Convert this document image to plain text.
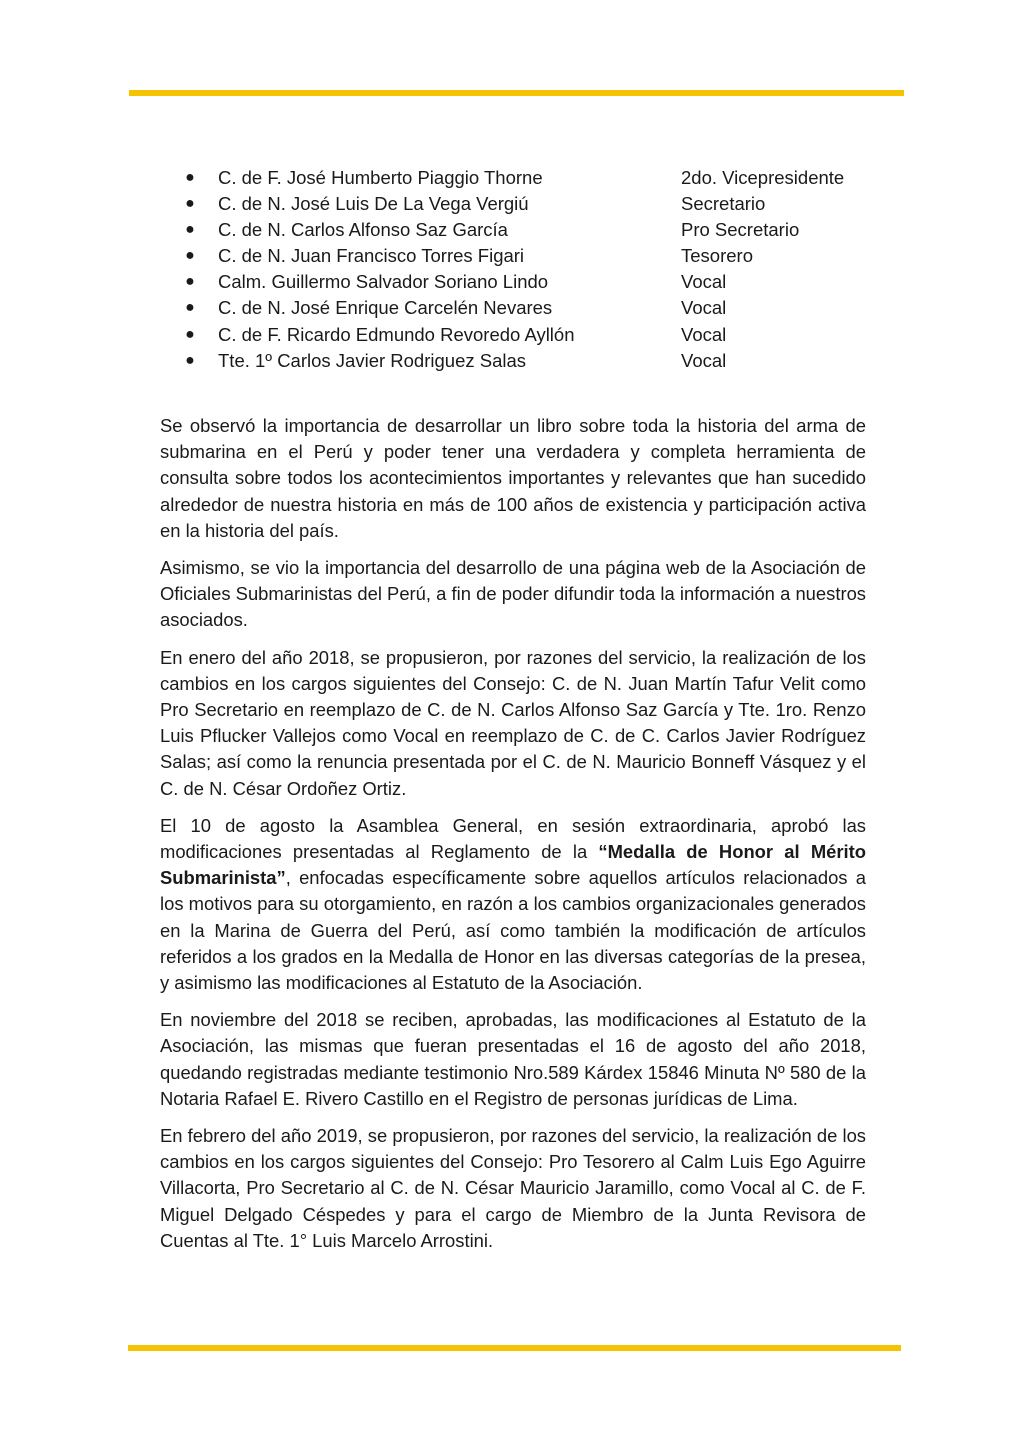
● C. de F. José Humberto Piaggio Thorne	2do. Vicepresidente
● C. de N. José Luis De La Vega Vergiú	Secretario
● C. de N. Carlos Alfonso Saz García	Pro Secretario
● C. de N. Juan Francisco Torres Figari	Tesorero
● Calm. Guillermo Salvador Soriano Lindo	Vocal
● C. de N. José Enrique Carcelén Nevares	Vocal
● C. de F. Ricardo Edmundo Revoredo Ayllón	Vocal
● Tte. 1º Carlos Javier Rodriguez Salas	Vocal

Se observó la importancia de desarrollar un libro sobre toda la historia del arma de submarina en el Perú y poder tener una verdadera y completa herramienta de consulta sobre todos los acontecimientos importantes y relevantes que han sucedido alrededor de nuestra historia en más de 100 años de existencia y participación activa en la historia del país.

Asimismo, se vio la importancia del desarrollo de una página web de la Asociación de Oficiales Submarinistas del Perú, a fin de poder difundir toda la información a nuestros asociados.

En enero del año 2018, se propusieron, por razones del servicio, la realización de los cambios en los cargos siguientes del Consejo: C. de N. Juan Martín Tafur Velit como Pro Secretario en reemplazo de C. de N. Carlos Alfonso Saz García y Tte. 1ro. Renzo Luis Pflucker Vallejos como Vocal en reemplazo de C. de C. Carlos Javier Rodríguez Salas; así como la renuncia presentada por el C. de N. Mauricio Bonneff Vásquez y el C. de N. César Ordoñez Ortiz.

El 10 de agosto la Asamblea General, en sesión extraordinaria, aprobó las modificaciones presentadas al Reglamento de la “Medalla de Honor al Mérito Submarinista”, enfocadas específicamente sobre aquellos artículos relacionados a los motivos para su otorgamiento, en razón a los cambios organizacionales generados en la Marina de Guerra del Perú, así como también la modificación de artículos referidos a los grados en la Medalla de Honor en las diversas categorías de la presea, y asimismo las modificaciones al Estatuto de la Asociación.

En noviembre del 2018 se reciben, aprobadas, las modificaciones al Estatuto de la Asociación, las mismas que fueran presentadas el 16 de agosto del año 2018, quedando registradas mediante testimonio Nro.589 Kárdex 15846 Minuta Nº 580 de la Notaria Rafael E. Rivero Castillo en el Registro de personas jurídicas de Lima.

En febrero del año 2019, se propusieron, por razones del servicio, la realización de los cambios en los cargos siguientes del Consejo: Pro Tesorero al Calm Luis Ego Aguirre Villacorta, Pro Secretario al C. de N. César Mauricio Jaramillo, como Vocal al C. de F. Miguel Delgado Céspedes y para el cargo de Miembro de la Junta Revisora de Cuentas al Tte. 1° Luis Marcelo Arrostini.
